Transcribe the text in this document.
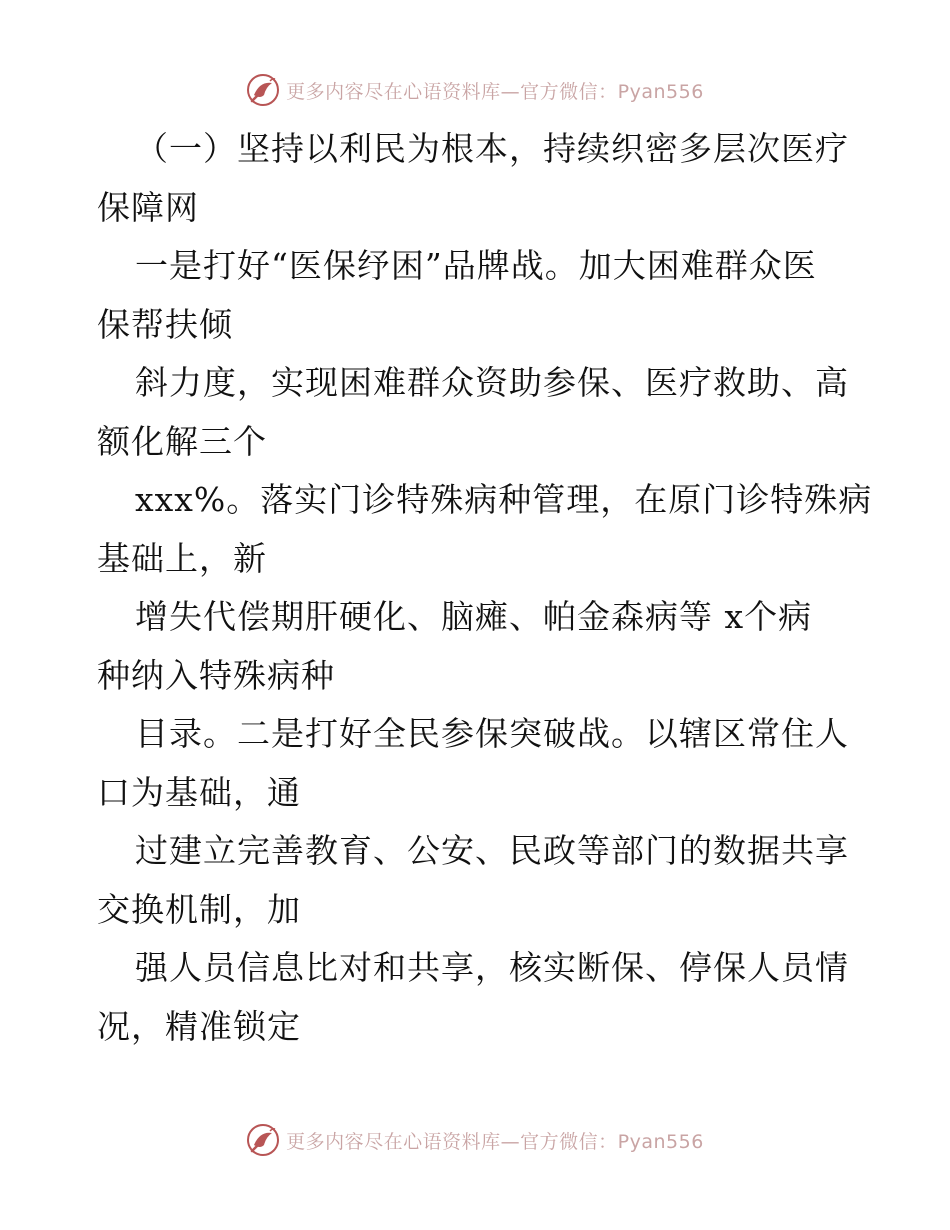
更多内容尽在心语资料库—官方微信：Pyan556
（一）坚持以利民为根本，持续织密多层次医疗
保障网
一是打好“医保纾困”品牌战。加大困难群众医
保帮扶倾
斜力度，实现困难群众资助参保、医疗救助、高
额化解三个
xxx%。落实门诊特殊病种管理，在原门诊特殊病
基础上，新
增失代偿期肝硬化、脑瘫、帕金森病等 x个病
种纳入特殊病种
目录。二是打好全民参保突破战。以辖区常住人
口为基础，通
过建立完善教育、公安、民政等部门的数据共享
交换机制，加
强人员信息比对和共享，核实断保、停保人员情
况，精准锁定
更多内容尽在心语资料库—官方微信：Pyan556
